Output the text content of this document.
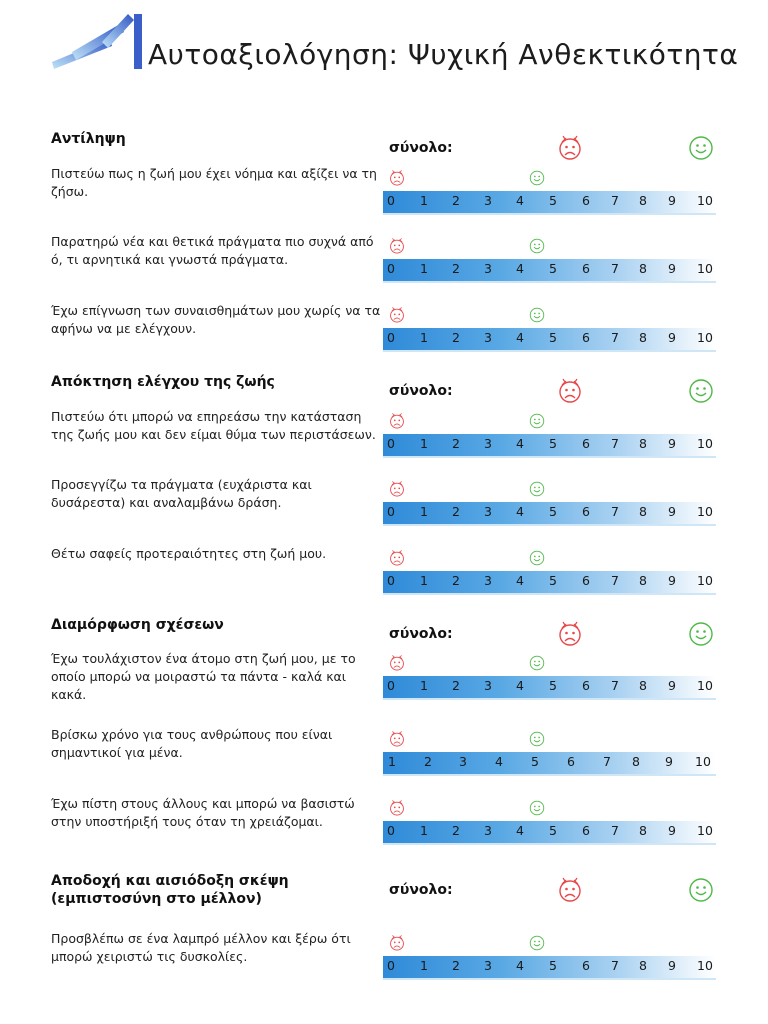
Αυτοαξιολόγηση: Ψυχική Ανθεκτικότητα
Αντίληψη
σύνολο:
Πιστεύω πως η ζωή μου έχει νόημα και αξίζει να τη ζήσω.
0 1 2 3 4 5 6 7 8 9 10
Παρατηρώ νέα και θετικά πράγματα πιο συχνά από ό, τι αρνητικά και γνωστά πράγματα.
0 1 2 3 4 5 6 7 8 9 10
Έχω επίγνωση των συναισθημάτων μου χωρίς να τα αφήνω να με ελέγχουν.
0 1 2 3 4 5 6 7 8 9 10
Απόκτηση ελέγχου της ζωής
σύνολο:
Πιστεύω ότι μπορώ να επηρεάσω την κατάσταση της ζωής μου και δεν είμαι θύμα των περιστάσεων.
0 1 2 3 4 5 6 7 8 9 10
Προσεγγίζω τα πράγματα (ευχάριστα και δυσάρεστα) και αναλαμβάνω δράση.
0 1 2 3 4 5 6 7 8 9 10
Θέτω σαφείς προτεραιότητες στη ζωή μου.
0 1 2 3 4 5 6 7 8 9 10
Διαμόρφωση σχέσεων
σύνολο:
Έχω τουλάχιστον ένα άτομο στη ζωή μου, με το οποίο μπορώ να μοιραστώ τα πάντα - καλά και κακά.
0 1 2 3 4 5 6 7 8 9 10
Βρίσκω χρόνο για τους ανθρώπους που είναι σημαντικοί για μένα.
1 2 3 4 5 6 7 8 9 10
Έχω πίστη στους άλλους και μπορώ να βασιστώ στην υποστήριξή τους όταν τη χρειάζομαι.
0 1 2 3 4 5 6 7 8 9 10
Αποδοχή και αισιόδοξη σκέψη (εμπιστοσύνη στο μέλλον)
σύνολο:
Προσβλέπω σε ένα λαμπρό μέλλον και ξέρω ότι μπορώ χειριστώ τις δυσκολίες.
0 1 2 3 4 5 6 7 8 9 10
